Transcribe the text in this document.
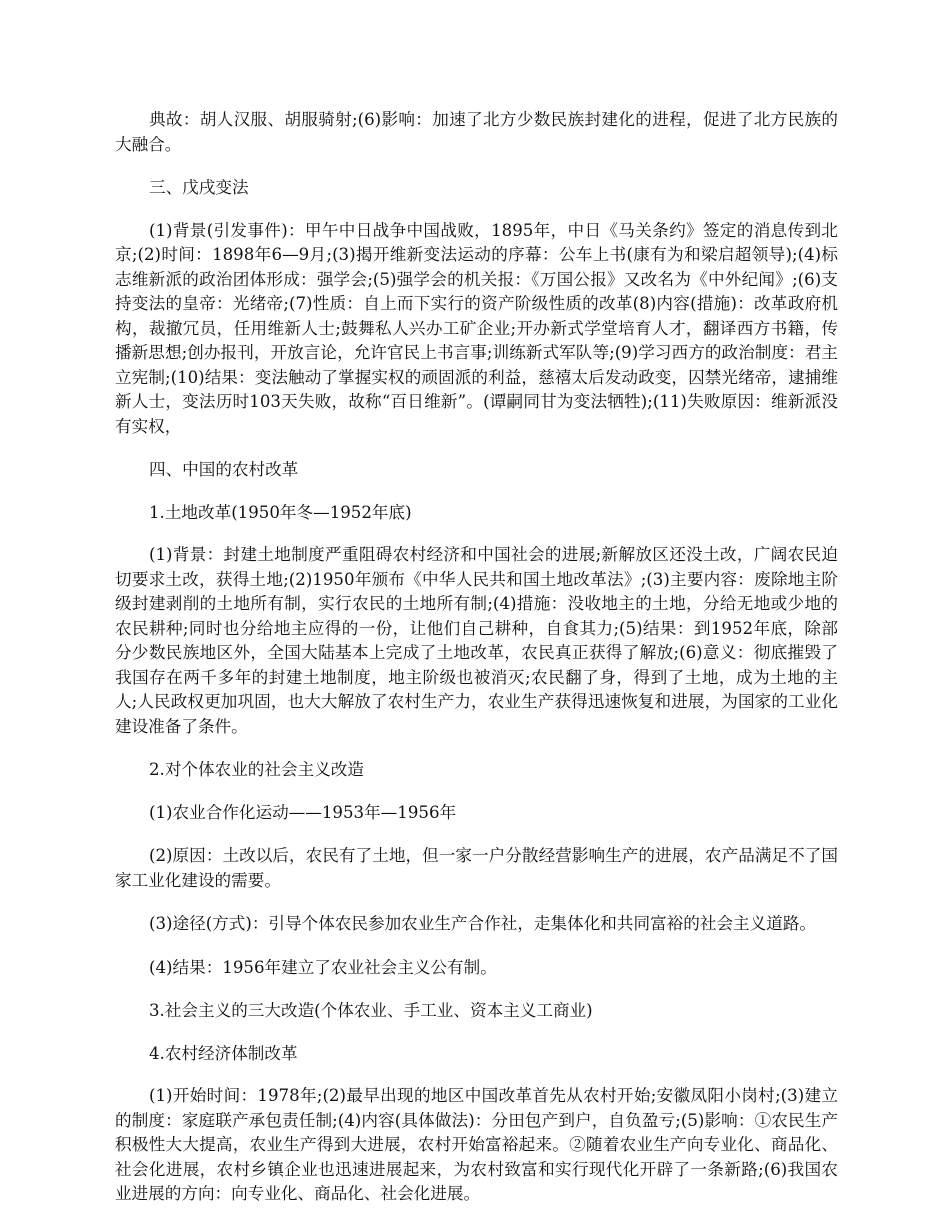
典故：胡人汉服、胡服骑射;(6)影响：加速了北方少数民族封建化的进程，促进了北方民族的大融合。

三、戊戌变法

(1)背景(引发事件)：甲午中日战争中国战败，1895年，中日《马关条约》签定的消息传到北京;(2)时间：1898年6—9月;(3)揭开维新变法运动的序幕：公车上书(康有为和梁启超领导);(4)标志维新派的政治团体形成：强学会;(5)强学会的机关报：《万国公报》又改名为《中外纪闻》;(6)支持变法的皇帝：光绪帝;(7)性质：自上而下实行的资产阶级性质的改革(8)内容(措施)：改革政府机构，裁撤冗员，任用维新人士;鼓舞私人兴办工矿企业;开办新式学堂培育人才，翻译西方书籍，传播新思想;创办报刊，开放言论，允许官民上书言事;训练新式军队等;(9)学习西方的政治制度：君主立宪制;(10)结果：变法触动了掌握实权的顽固派的利益，慈禧太后发动政变，囚禁光绪帝，逮捕维新人士，变法历时103天失败，故称“百日维新”。(谭嗣同甘为变法牺牲);(11)失败原因：维新派没有实权，

四、中国的农村改革

1.土地改革(1950年冬—1952年底)

(1)背景：封建土地制度严重阻碍农村经济和中国社会的进展;新解放区还没土改，广阔农民迫切要求土改，获得土地;(2)1950年颁布《中华人民共和国土地改革法》;(3)主要内容：废除地主阶级封建剥削的土地所有制，实行农民的土地所有制;(4)措施：没收地主的土地，分给无地或少地的农民耕种;同时也分给地主应得的一份，让他们自己耕种，自食其力;(5)结果：到1952年底，除部分少数民族地区外，全国大陆基本上完成了土地改革，农民真正获得了解放;(6)意义：彻底摧毁了我国存在两千多年的封建土地制度，地主阶级也被消灭;农民翻了身，得到了土地，成为土地的主人;人民政权更加巩固，也大大解放了农村生产力，农业生产获得迅速恢复和进展，为国家的工业化建设准备了条件。

2.对个体农业的社会主义改造

(1)农业合作化运动——1953年—1956年

(2)原因：土改以后，农民有了土地，但一家一户分散经营影响生产的进展，农产品满足不了国家工业化建设的需要。

(3)途径(方式)：引导个体农民参加农业生产合作社，走集体化和共同富裕的社会主义道路。

(4)结果：1956年建立了农业社会主义公有制。

3.社会主义的三大改造(个体农业、手工业、资本主义工商业)

4.农村经济体制改革

(1)开始时间：1978年;(2)最早出现的地区中国改革首先从农村开始;安徽凤阳小岗村;(3)建立的制度：家庭联产承包责任制;(4)内容(具体做法)：分田包产到户，自负盈亏;(5)影响：①农民生产积极性大大提高，农业生产得到大进展，农村开始富裕起来。②随着农业生产向专业化、商品化、社会化进展，农村乡镇企业也迅速进展起来，为农村致富和实行现代化开辟了一条新路;(6)我国农业进展的方向：向专业化、商品化、社会化进展。
